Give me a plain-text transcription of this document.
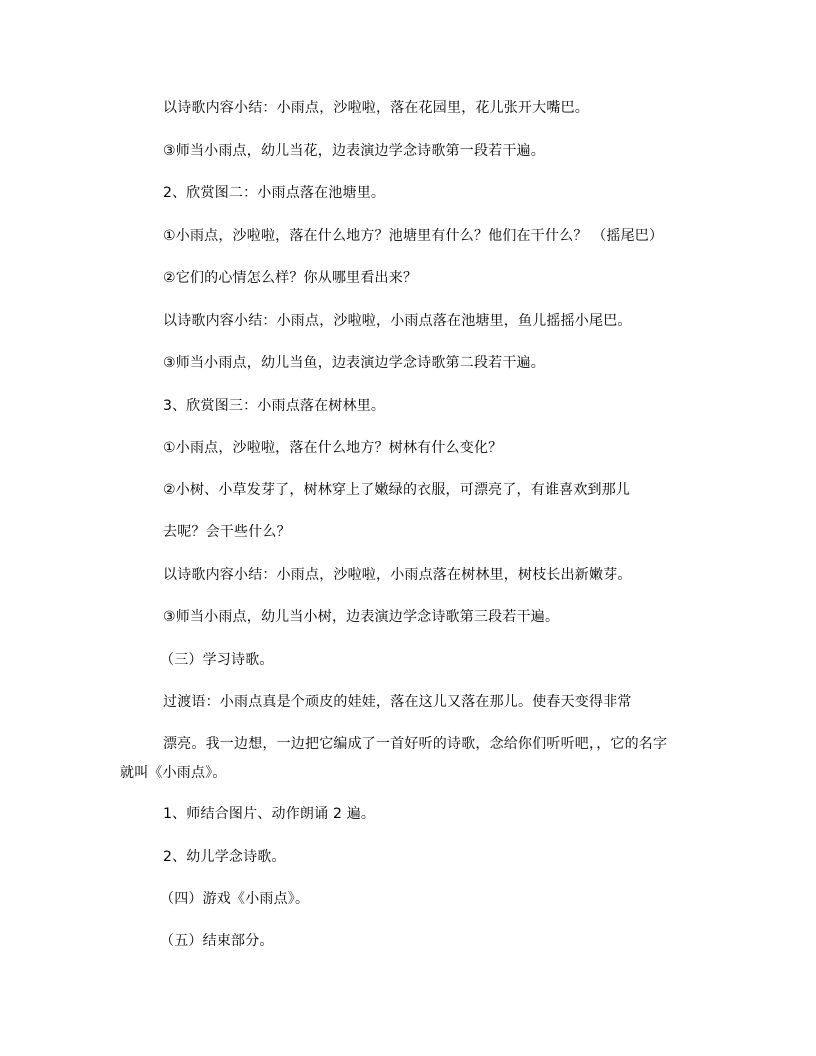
以诗歌内容小结：小雨点，沙啦啦，落在花园里，花儿张开大嘴巴。
③师当小雨点，幼儿当花，边表演边学念诗歌第一段若干遍。
2、欣赏图二：小雨点落在池塘里。
①小雨点，沙啦啦，落在什么地方？池塘里有什么？他们在干什么？ （摇尾巴）
②它们的心情怎么样？你从哪里看出来？
以诗歌内容小结：小雨点，沙啦啦，小雨点落在池塘里，鱼儿摇摇小尾巴。
③师当小雨点，幼儿当鱼，边表演边学念诗歌第二段若干遍。
3、欣赏图三：小雨点落在树林里。
①小雨点，沙啦啦，落在什么地方？树林有什么变化？
②小树、小草发芽了，树林穿上了嫩绿的衣服，可漂亮了，有谁喜欢到那儿
去呢？会干些什么？
以诗歌内容小结：小雨点，沙啦啦，小雨点落在树林里，树枝长出新嫩芽。
③师当小雨点，幼儿当小树，边表演边学念诗歌第三段若干遍。
（三）学习诗歌。
过渡语：小雨点真是个顽皮的娃娃，落在这儿又落在那儿。使春天变得非常
漂亮。我一边想，一边把它编成了一首好听的诗歌，念给你们听听吧，，它的名字
就叫《小雨点》。
1、师结合图片、动作朗诵 2 遍。
2、幼儿学念诗歌。
（四）游戏《小雨点》。
（五）结束部分。
